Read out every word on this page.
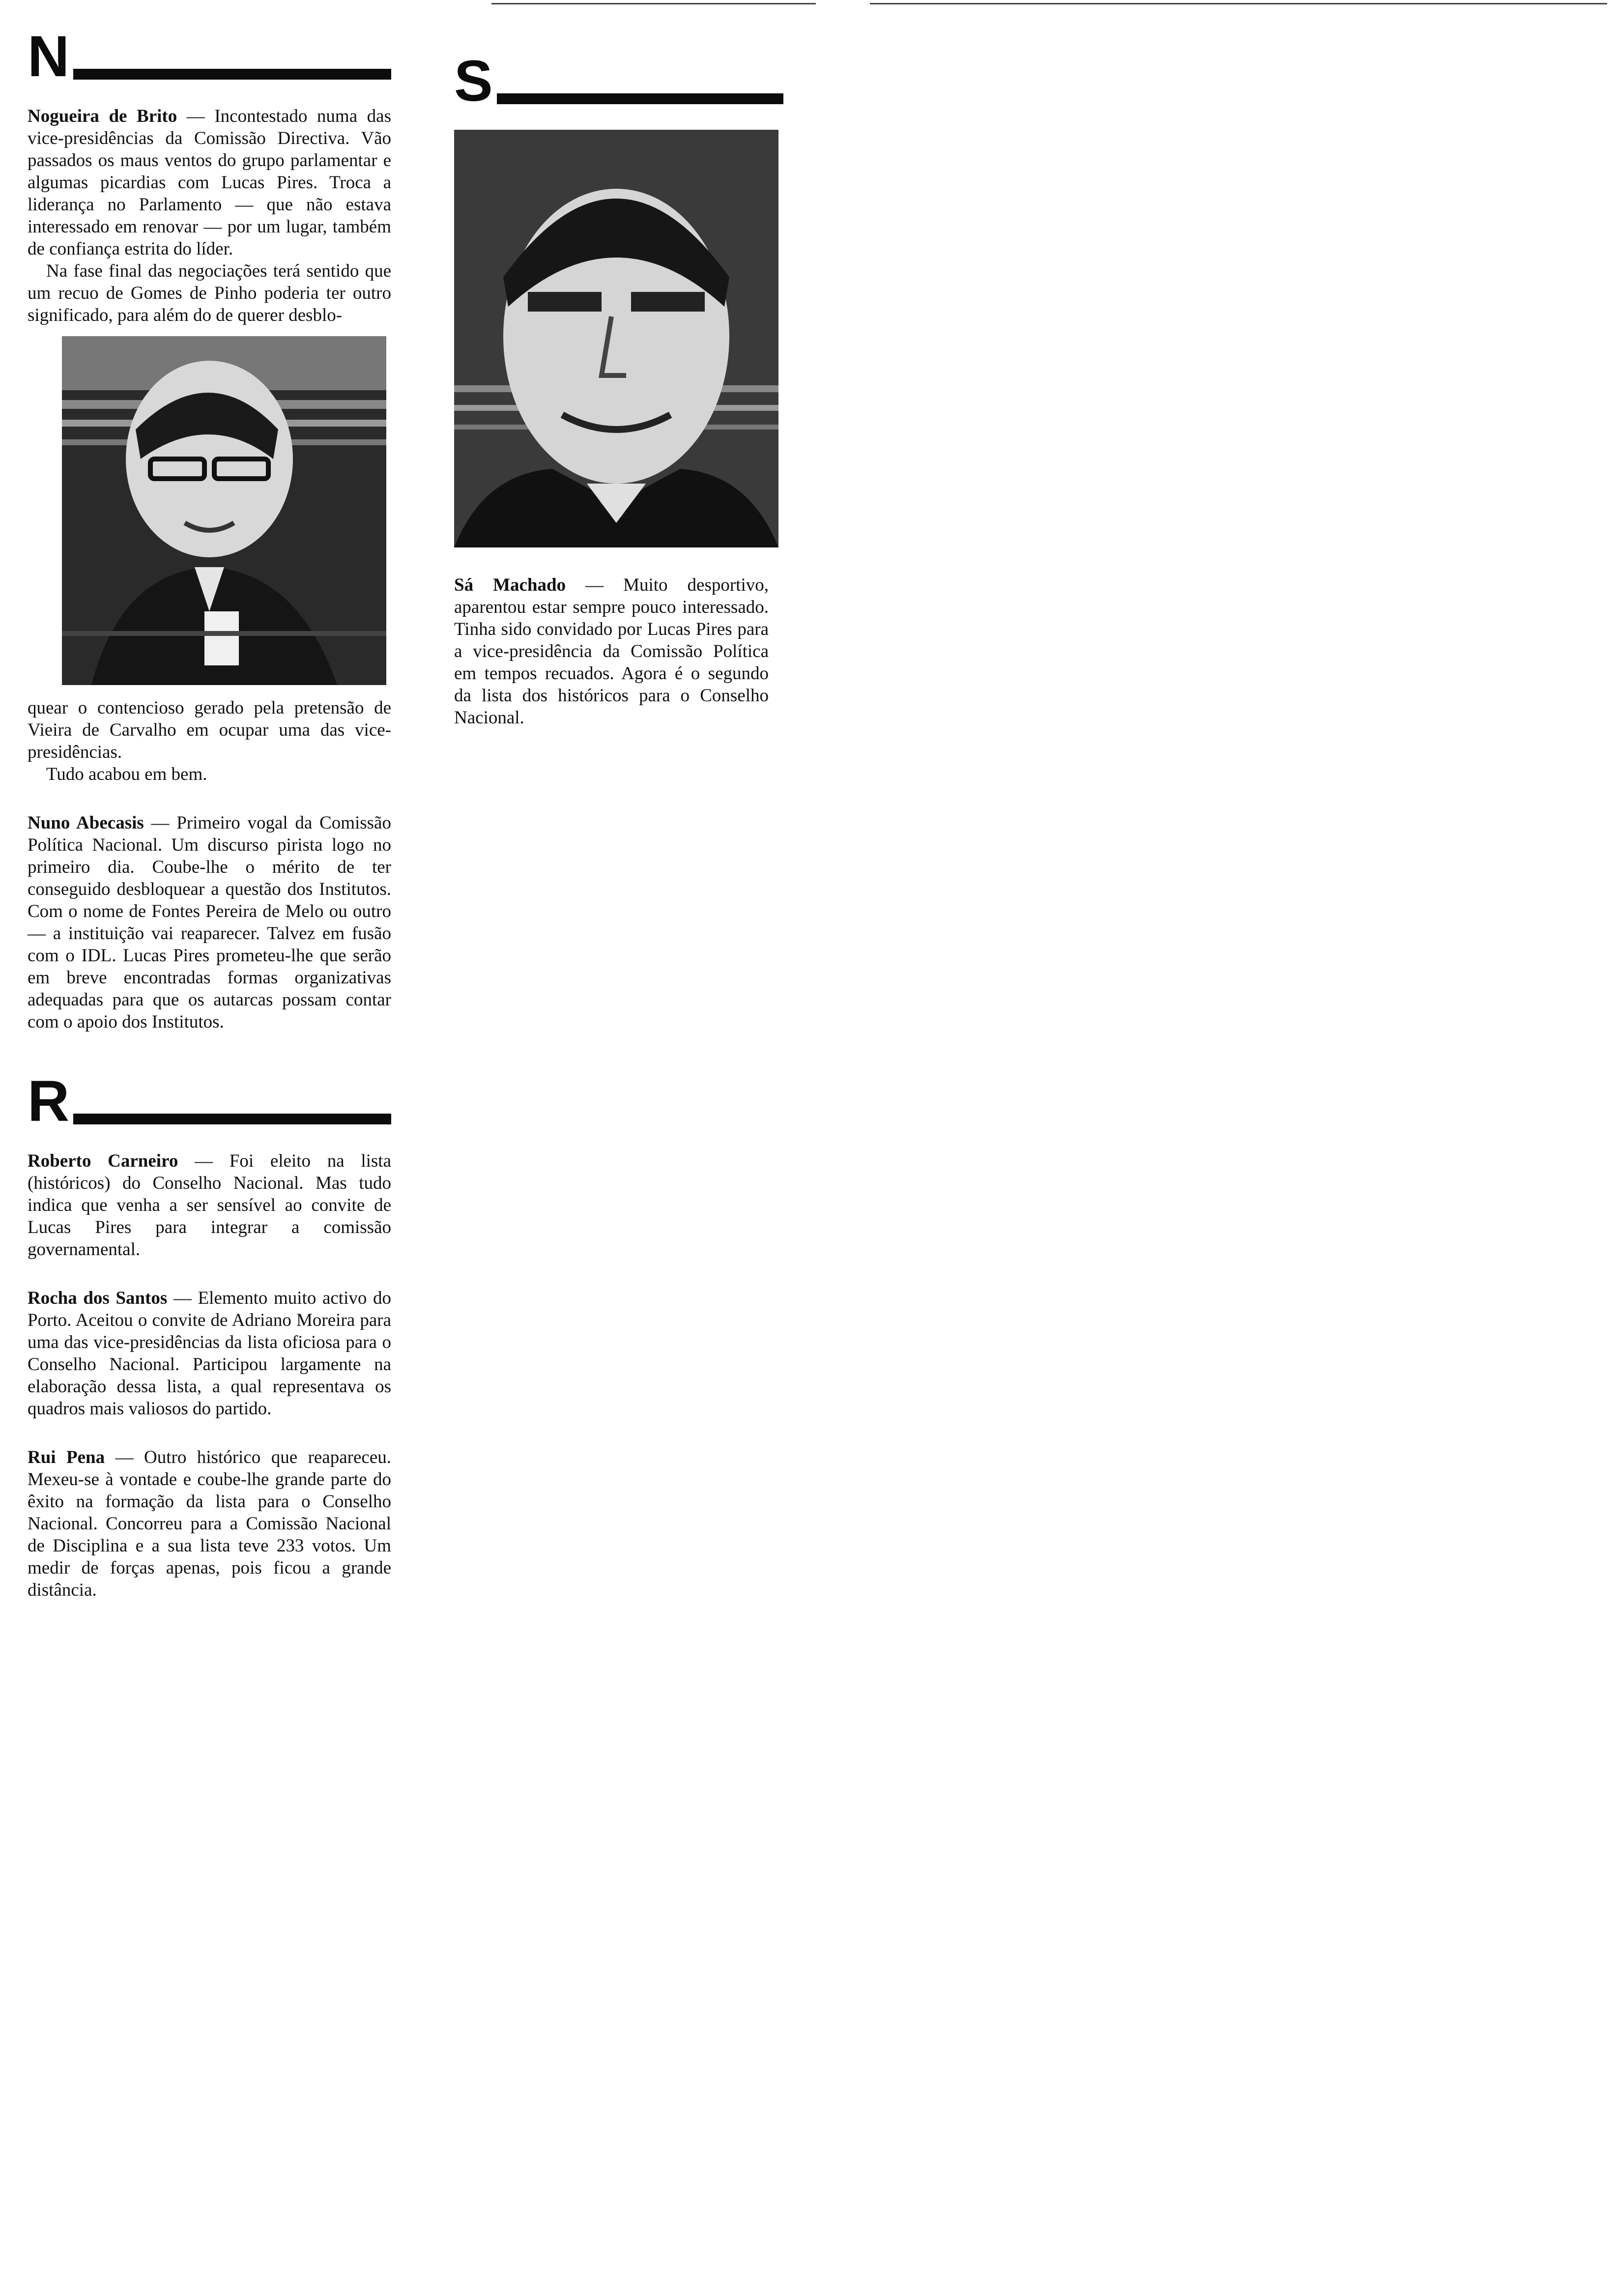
N

Nogueira de Brito — Incontestado numa das vice-presidências da Comissão Directiva. Vão passados os maus ventos do grupo parlamentar e algumas picardias com Lucas Pires. Troca a liderança no Parlamento — que não estava interessado em renovar — por um lugar, também de confiança estrita do líder.

Na fase final das negociações terá sentido que um recuo de Gomes de Pinho poderia ter outro significado, para além do de querer desblo-

quear o contencioso gerado pela pretensão de Vieira de Carvalho em ocupar uma das vice-presidências.

Tudo acabou em bem.

Nuno Abecasis — Primeiro vogal da Comissão Política Nacional. Um discurso pirista logo no primeiro dia. Coube-lhe o mérito de ter conseguido desbloquear a questão dos Institutos. Com o nome de Fontes Pereira de Melo ou outro — a instituição vai reaparecer. Talvez em fusão com o IDL. Lucas Pires prometeu-lhe que serão em breve encontradas formas organizativas adequadas para que os autarcas possam contar com o apoio dos Institutos.

R

Roberto Carneiro — Foi eleito na lista (históricos) do Conselho Nacional. Mas tudo indica que venha a ser sensível ao convite de Lucas Pires para integrar a comissão governamental.

Rocha dos Santos — Elemento muito activo do Porto. Aceitou o convite de Adriano Moreira para uma das vice-presidências da lista oficiosa para o Conselho Nacional. Participou largamente na elaboração dessa lista, a qual representava os quadros mais valiosos do partido.

Rui Pena — Outro histórico que reapareceu. Mexeu-se à vontade e coube-lhe grande parte do êxito na formação da lista para o Conselho Nacional. Concorreu para a Comissão Nacional de Disciplina e a sua lista teve 233 votos. Um medir de forças apenas, pois ficou a grande distância.

S

Sá Machado — Muito desportivo, aparentou estar sempre pouco interessado. Tinha sido convidado por Lucas Pires para a vice-presidência da Comissão Política em tempos recuados. Agora é o segundo da lista dos históricos para o Conselho Nacional.
